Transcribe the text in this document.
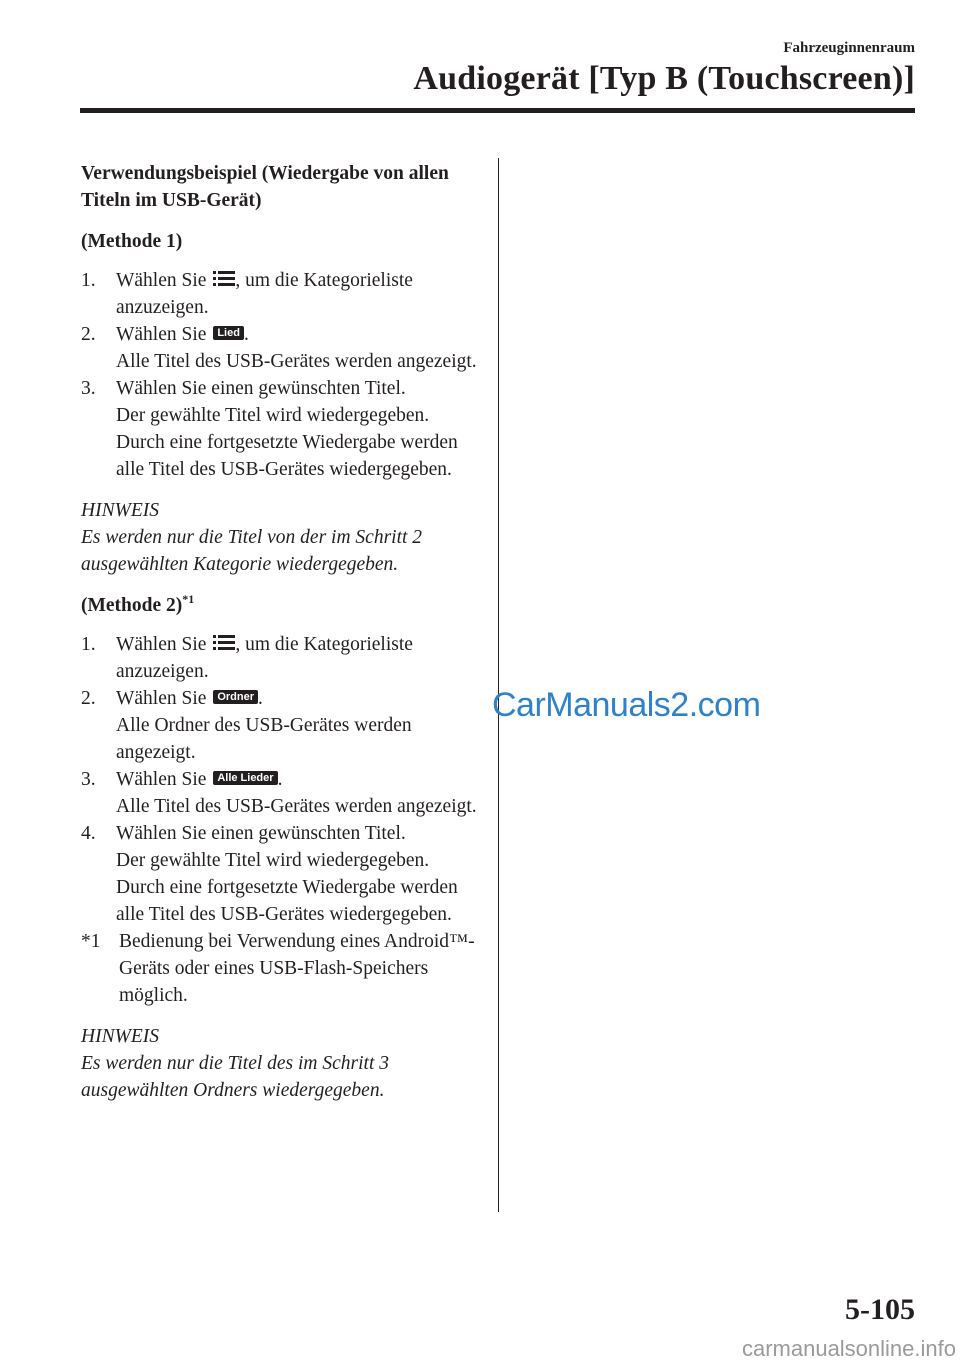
Fahrzeuginnenraum
Audiogerät [Typ B (Touchscreen)]
Verwendungsbeispiel (Wiedergabe von allen Titeln im USB-Gerät)
(Methode 1)
1. Wählen Sie , um die Kategorieliste anzuzeigen.
2. Wählen Sie Lied .
Alle Titel des USB-Gerätes werden angezeigt.
3. Wählen Sie einen gewünschten Titel.
Der gewählte Titel wird wiedergegeben. Durch eine fortgesetzte Wiedergabe werden alle Titel des USB-Gerätes wiedergegeben.
HINWEIS
Es werden nur die Titel von der im Schritt 2 ausgewählten Kategorie wiedergegeben.
(Methode 2)$^{*1}$
1. Wählen Sie , um die Kategorieliste anzuzeigen.
2. Wählen Sie Ordner .
Alle Ordner des USB-Gerätes werden angezeigt.
3. Wählen Sie Alle Lieder .
Alle Titel des USB-Gerätes werden angezeigt.
4. Wählen Sie einen gewünschten Titel.
Der gewählte Titel wird wiedergegeben. Durch eine fortgesetzte Wiedergabe werden alle Titel des USB-Gerätes wiedergegeben.
*1 Bedienung bei Verwendung eines Android™-Geräts oder eines USB-Flash-Speichers möglich.
HINWEIS
Es werden nur die Titel des im Schritt 3 ausgewählten Ordners wiedergegeben.
CarManuals2.com
5-105
carmanualsonline.info
